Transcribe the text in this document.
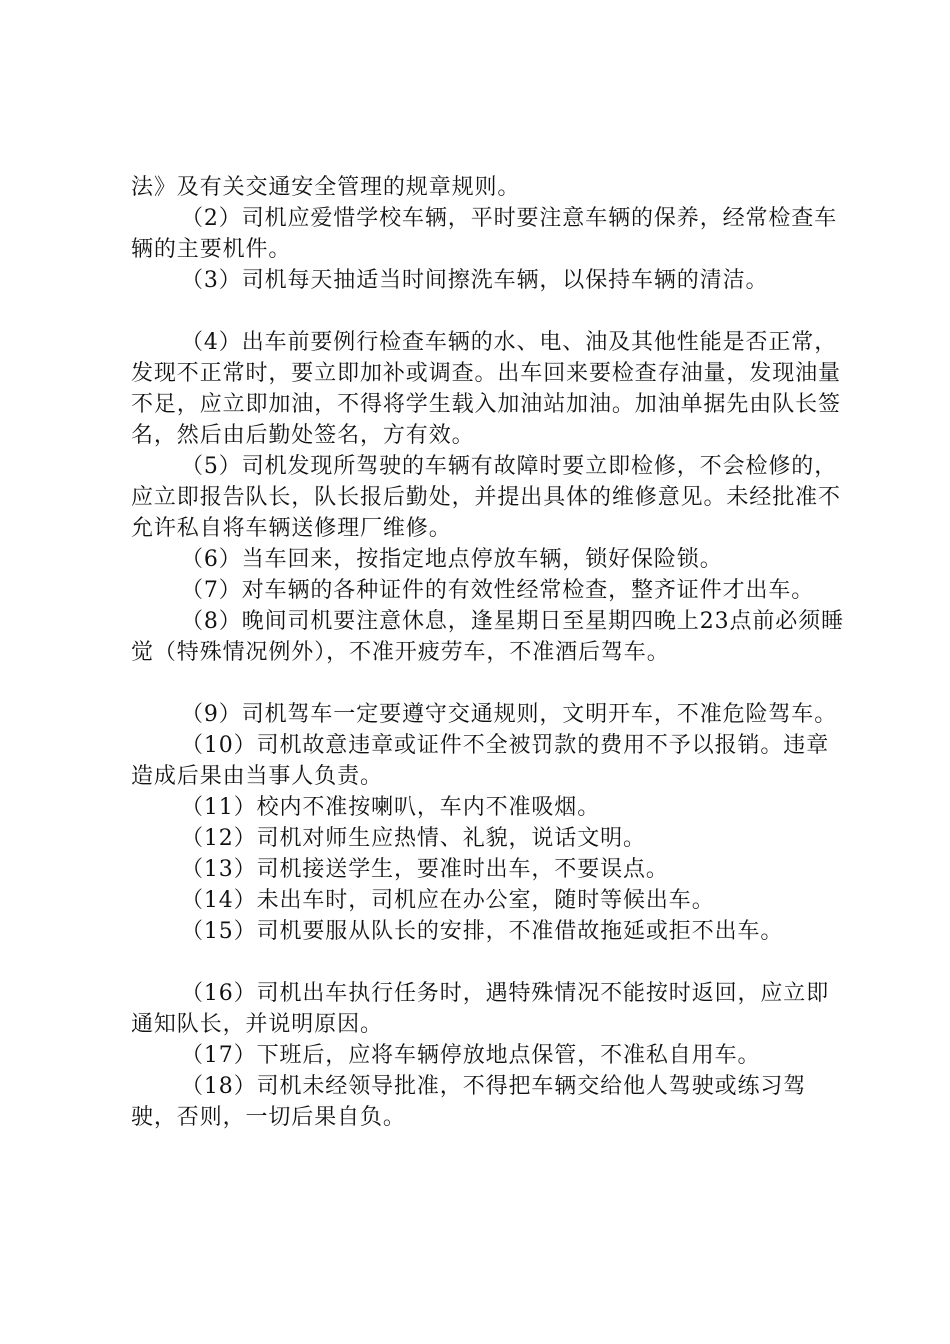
法》及有关交通安全管理的规章规则。

（2）司机应爱惜学校车辆，平时要注意车辆的保养，经常检查车辆的主要机件。

（3）司机每天抽适当时间擦洗车辆，以保持车辆的清洁。

（4）出车前要例行检查车辆的水、电、油及其他性能是否正常，发现不正常时，要立即加补或调查。出车回来要检查存油量，发现油量不足，应立即加油，不得将学生载入加油站加油。加油单据先由队长签名，然后由后勤处签名，方有效。

（5）司机发现所驾驶的车辆有故障时要立即检修，不会检修的，应立即报告队长，队长报后勤处，并提出具体的维修意见。未经批准不允许私自将车辆送修理厂维修。

（6）当车回来，按指定地点停放车辆，锁好保险锁。

（7）对车辆的各种证件的有效性经常检查，整齐证件才出车。

（8）晚间司机要注意休息，逢星期日至星期四晚上23点前必须睡觉（特殊情况例外），不准开疲劳车，不准酒后驾车。

（9）司机驾车一定要遵守交通规则，文明开车，不准危险驾车。

（10）司机故意违章或证件不全被罚款的费用不予以报销。违章造成后果由当事人负责。

（11）校内不准按喇叭，车内不准吸烟。

（12）司机对师生应热情、礼貌，说话文明。

（13）司机接送学生，要准时出车，不要误点。

（14）未出车时，司机应在办公室，随时等候出车。

（15）司机要服从队长的安排，不准借故拖延或拒不出车。

（16）司机出车执行任务时，遇特殊情况不能按时返回，应立即通知队长，并说明原因。

（17）下班后，应将车辆停放地点保管，不准私自用车。

（18）司机未经领导批准，不得把车辆交给他人驾驶或练习驾驶，否则，一切后果自负。
